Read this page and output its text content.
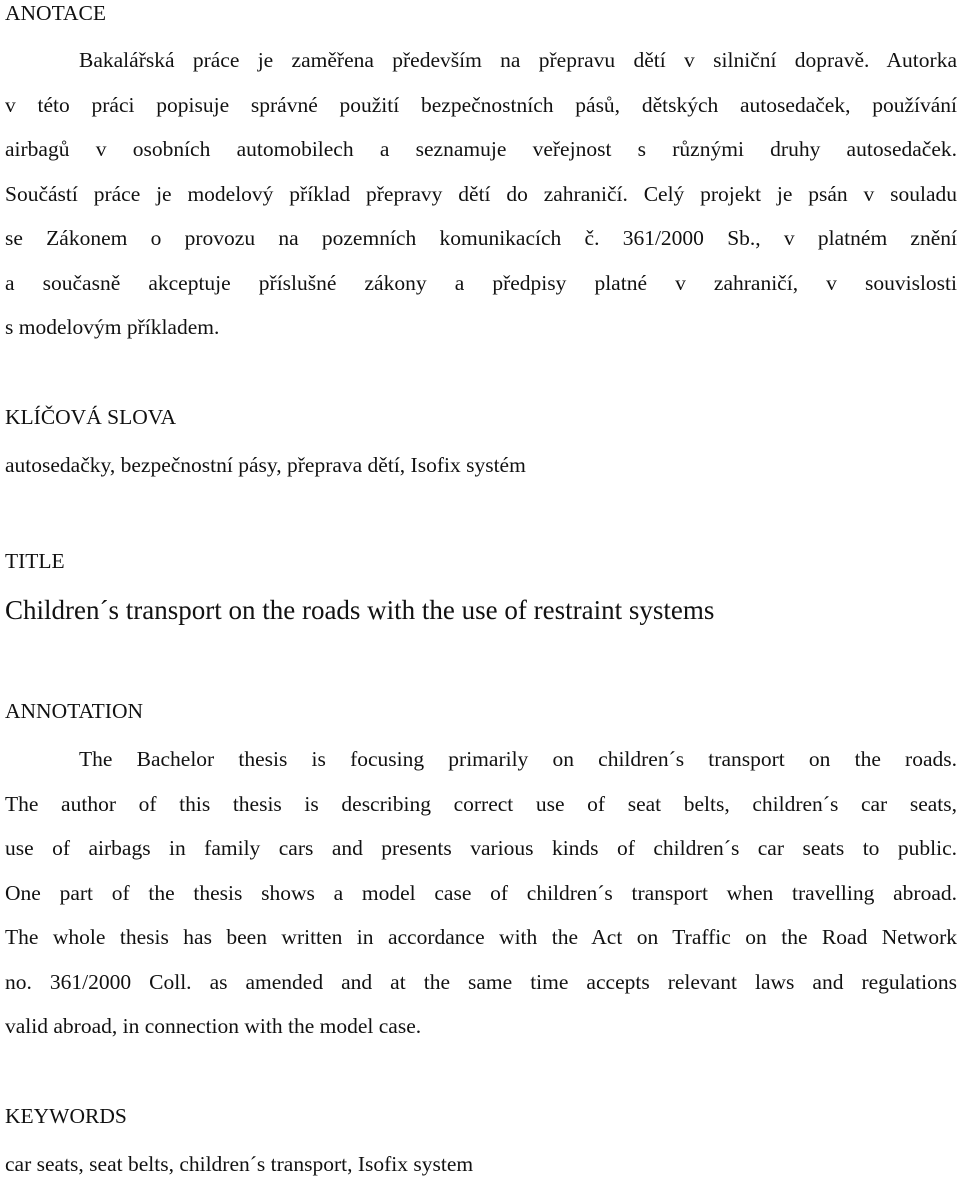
ANOTACE
Bakalářská práce je zaměřena především na přepravu dětí v silniční dopravě. Autorka
v této práci popisuje správné použití bezpečnostních pásů, dětských autosedaček, používání
airbagů v osobních automobilech a seznamuje veřejnost s různými druhy autosedaček.
Součástí práce je modelový příklad přepravy dětí do zahraničí. Celý projekt je psán v souladu
se Zákonem o provozu na pozemních komunikacích č. 361/2000 Sb., v platném znění
a současně akceptuje příslušné zákony a předpisy platné v zahraničí, v souvislosti
s modelovým příkladem.
KLÍČOVÁ SLOVA
autosedačky, bezpečnostní pásy, přeprava dětí, Isofix systém
TITLE
Children´s transport on the roads with the use of restraint systems
ANNOTATION
The Bachelor thesis is focusing primarily on children´s transport on the roads.
The author of this thesis is describing correct use of seat belts, children´s car seats,
use of airbags in family cars and presents various kinds of children´s car seats to public.
One part of the thesis shows a model case of children´s transport when travelling abroad.
The whole thesis has been written in accordance with the Act on Traffic on the Road Network
no. 361/2000 Coll. as amended and at the same time accepts relevant laws and regulations
valid abroad, in connection with the model case.
KEYWORDS
car seats, seat belts, children´s transport, Isofix system
